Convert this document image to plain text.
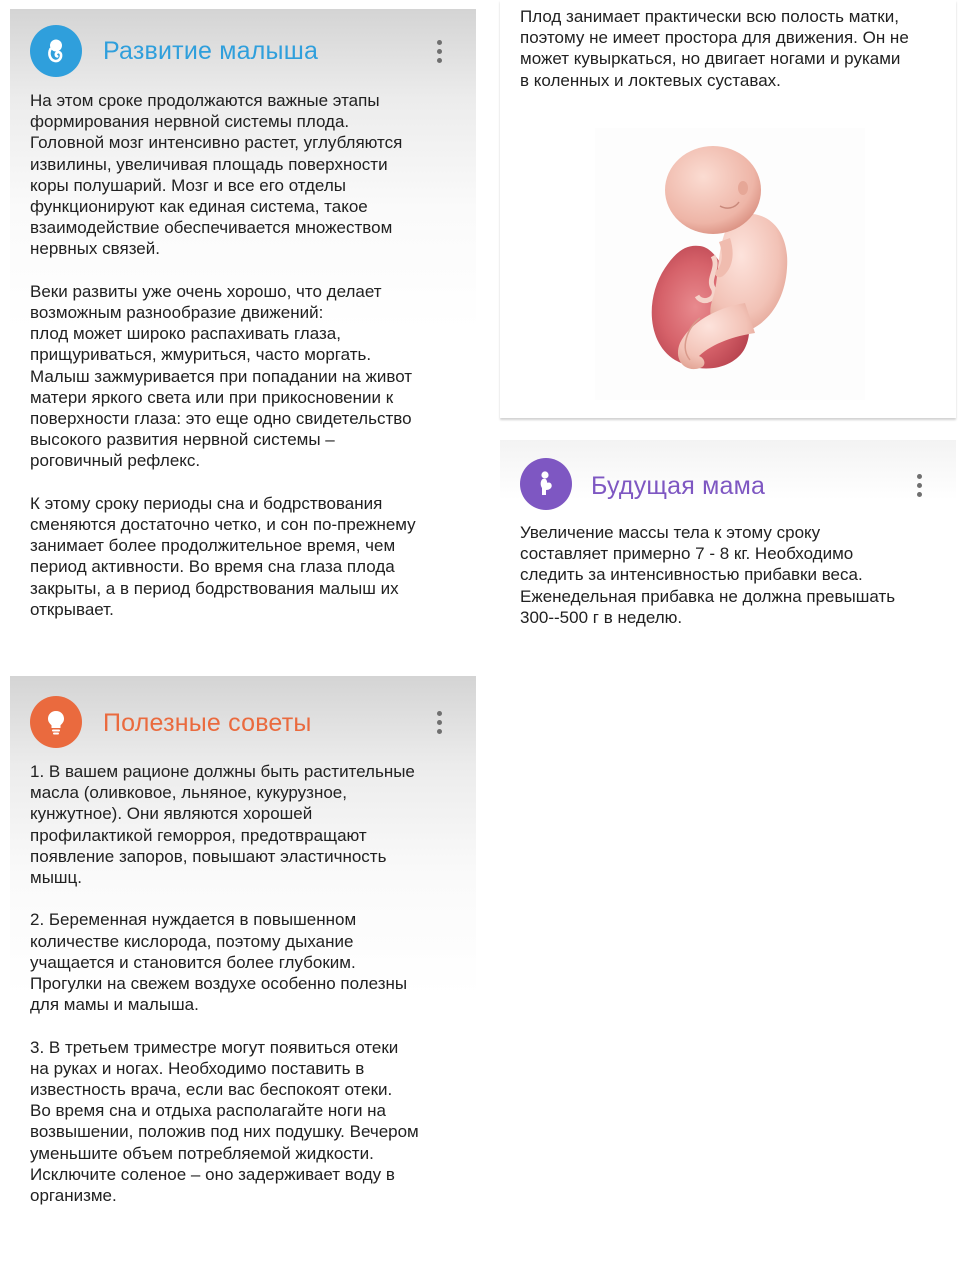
Развитие малыша

На этом сроке продолжаются важные этапы
формирования нервной системы плода.
Головной мозг интенсивно растет, углубляются
извилины, увеличивая площадь поверхности
коры полушарий. Мозг и все его отделы
функционируют как единая система, такое
взаимодействие обеспечивается множеством
нервных связей.

Веки развиты уже очень хорошо, что делает
возможным разнообразие движений:
плод может широко распахивать глаза,
прищуриваться, жмуриться, часто моргать.
Малыш зажмуривается при попадании на живот
матери яркого света или при прикосновении к
поверхности глаза: это еще одно свидетельство
высокого развития нервной системы –
роговичный рефлекс.

К этому сроку периоды сна и бодрствования
сменяются достаточно четко, и сон по-прежнему
занимает более продолжительное время, чем
период активности. Во время сна глаза плода
закрыты, а в период бодрствования малыш их
открывает.

Плод занимает практически всю полость матки,
поэтому не имеет простора для движения. Он не
может кувыркаться, но двигает ногами и руками
в коленных и локтевых суставах.

Будущая мама

Увеличение массы тела к этому сроку
составляет примерно 7 - 8 кг. Необходимо
следить за интенсивностью прибавки веса.
Еженедельная прибавка не должна превышать
300--500 г в неделю.

Полезные советы

1. В вашем рационе должны быть растительные
масла (оливковое, льняное, кукурузное,
кунжутное). Они являются хорошей
профилактикой геморроя, предотвращают
появление запоров, повышают эластичность
мышц.

2. Беременная нуждается в повышенном
количестве кислорода, поэтому дыхание
учащается и становится более глубоким.
Прогулки на свежем воздухе особенно полезны
для мамы и малыша.

3. В третьем триместре могут появиться отеки
на руках и ногах. Необходимо поставить в
известность врача, если вас беспокоят отеки.
Во время сна и отдыха располагайте ноги на
возвышении, положив под них подушку. Вечером
уменьшите объем потребляемой жидкости.
Исключите соленое – оно задерживает воду в
организме.
